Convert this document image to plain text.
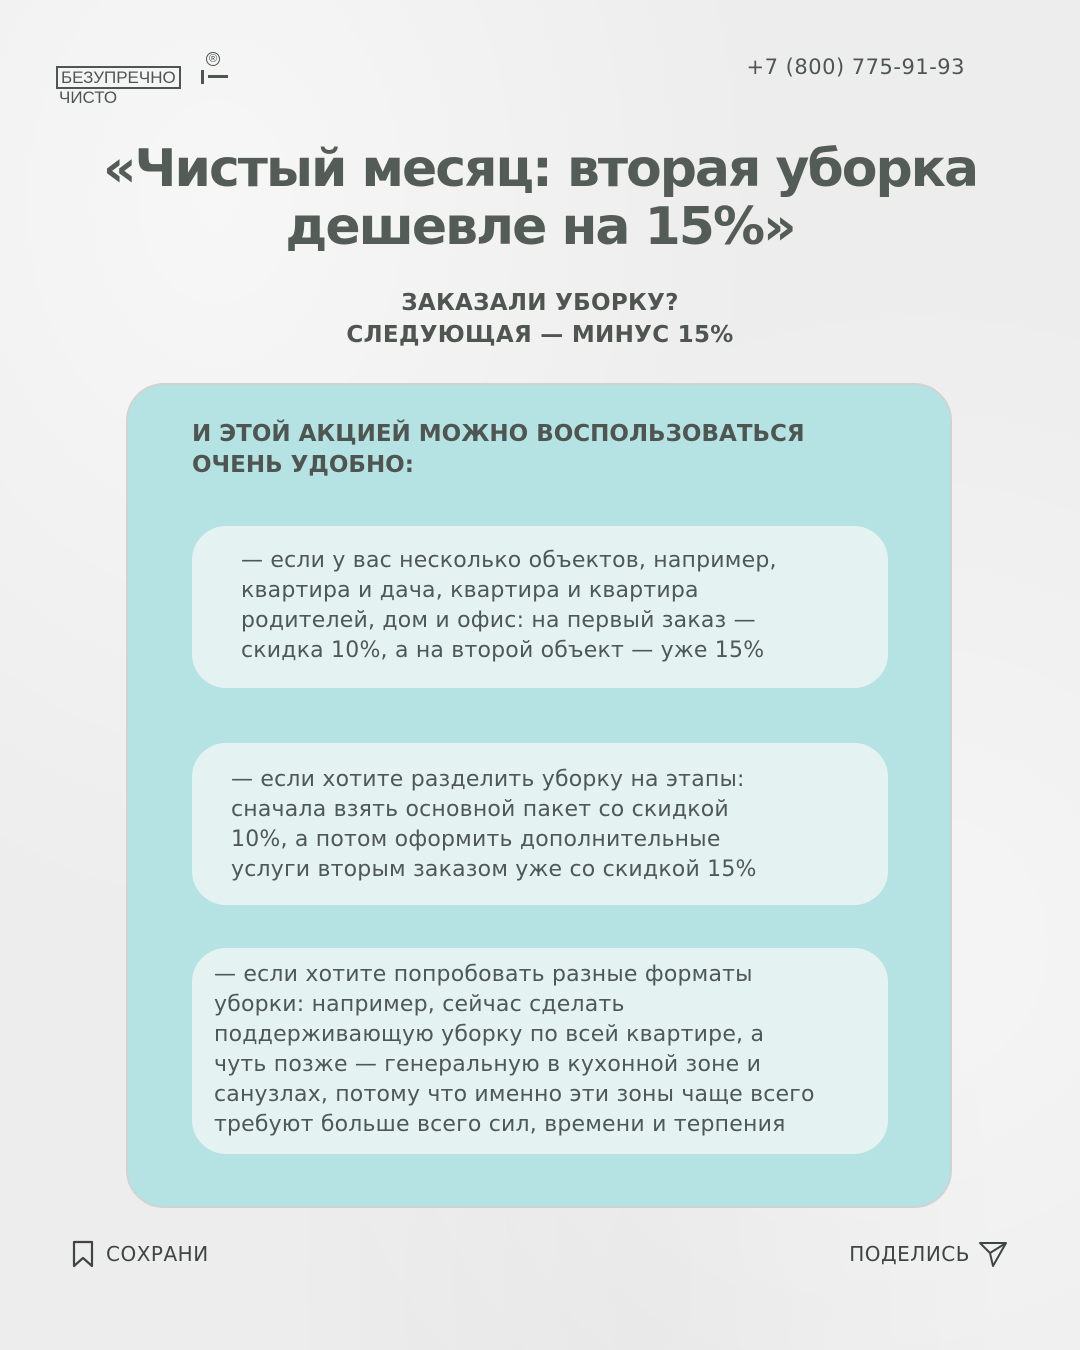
БЕЗУПРЕЧНО
®
ЧИСТО
+7 (800) 775-91-93
«Чистый месяц: вторая уборка дешевле на 15%»
ЗАКАЗАЛИ УБОРКУ?
СЛЕДУЮЩАЯ — МИНУС 15%
И ЭТОЙ АКЦИЕЙ МОЖНО ВОСПОЛЬЗОВАТЬСЯ ОЧЕНЬ УДОБНО:

— если у вас несколько объектов, например,
квартира и дача, квартира и квартира
родителей, дом и офис: на первый заказ —
скидка 10%, а на второй объект — уже 15%

— если хотите разделить уборку на этапы:
сначала взять основной пакет со скидкой
10%, а потом оформить дополнительные
услуги вторым заказом уже со скидкой 15%

— если хотите попробовать разные форматы
уборки: например, сейчас сделать
поддерживающую уборку по всей квартире, а
чуть позже — генеральную в кухонной зоне и
санузлах, потому что именно эти зоны чаще всего
требуют больше всего сил, времени и терпения

СОХРАНИ	ПОДЕЛИСЬ
